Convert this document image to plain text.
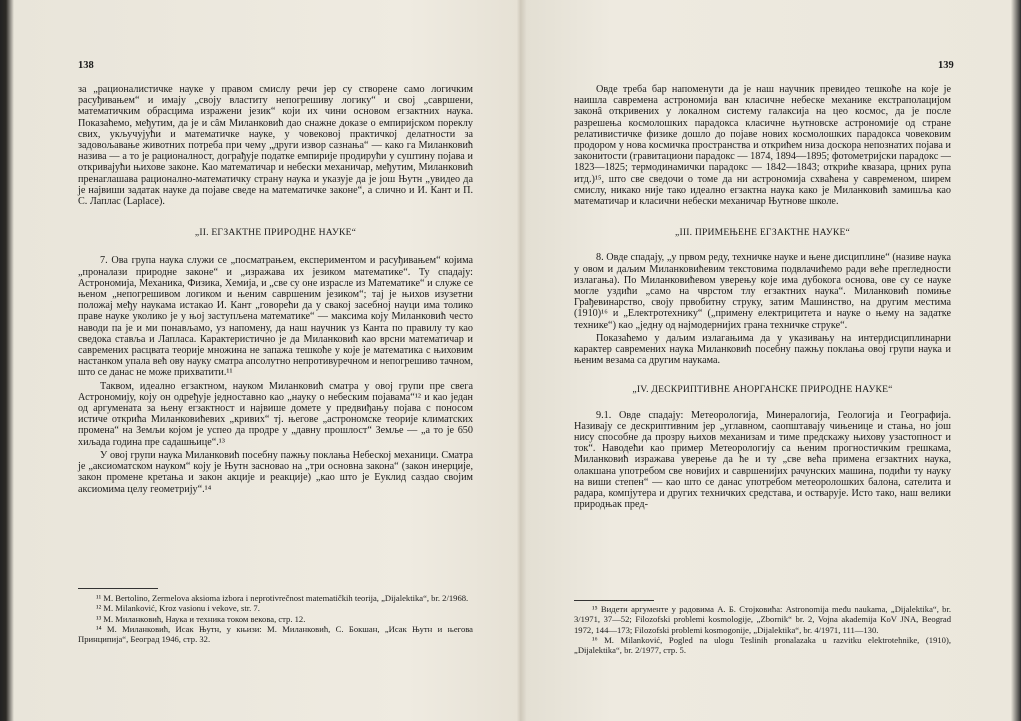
138

за „рационалистичке науке у правом смислу речи јер су створене само логичким расуђивањем“ и имају „своју властиту непогрешиву логику“ и свој „савршени, математичким обрасцима изражени језик“ који их чини основом егзактних наука. Показаћемо, међутим, да је и сâм Миланковић дао снажне доказе о емпиријском пореклу свих, укључујући и математичке науке, у човековој практичкој делатности за задовољавање животних потреба при чему „други извор сазнања“ — како га Миланковић назива — а то је рационалност, дограђује податке емпирије продирући у суштину појава и откривајући њихове законе. Као математичар и небески механичар, међутим, Миланковић пренаглашава рационално-математичку страну наука и указује да је још Њутн „увидео да је највиши задатак науке да појаве сведе на математичке законе“, а слично и И. Кант и П. С. Лаплас (Laplace).

„II. ЕГЗАКТНЕ ПРИРОДНЕ НАУКЕ“

7. Ова група наука служи се „посматрањем, експериментом и расуђивањем“ којима „проналази природне законе“ и „изражава их језиком математике“. Ту спадају: Астрономија, Механика, Физика, Хемија, и „све су оне израсле из Математике“ и служе се њеном „непогрешивом логиком и њеним савршеним језиком“; тај је њихов изузетни положај међу наукама истакао И. Кант „говорећи да у свакој засебној науци има толико праве науке уколико је у њој заступљена математике“ — максима коју Миланковић често наводи па је и ми понављамо, уз напомену, да наш научник уз Канта по правилу ту као сведока ставља и Лапласа. Карактеристично је да Миланковић као врсни математичар и савремених расцвата теорије множина не запажа тешкоће у које је математика с њиховим настанком упала већ ову науку сматра апсолутно непротивуречном и непогрешиво тачном, што се данас не може прихватити.¹¹

Таквом, идеално егзактном, науком Миланковић сматра у овој групи пре свега Астрономију, коју он одређује једноставно као „науку о небеским појавама“¹² и као један од аргумената за њену егзактност и највише домете у предвиђању појава с поносом истиче открића Миланковићевих „кривих“ тј. његове „астрономске теорије климатских промена“ на Земљи којом је успео да продре у „давну прошлост“ Земље — „а то је 650 хиљада година пре садашњице“.¹³

У овој групи наука Миланковић посебну пажњу поклања Небеској механици. Сматра је „аксиоматском науком“ коју је Њутн засновао на „три основна закона“ (закон инерције, закон промене кретања и закон акције и реакције) „као што је Еуклид саздао својим аксиомима целу геометрију“.¹⁴

¹¹ M. Bertolino, Zermelova aksioma izbora i neprotivrečnost matematičkih teorija, „Dijalektika“, br. 2/1968.

¹² M. Milanković, Kroz vasionu i vekove, str. 7.

¹³ М. Миланковић, Наука и техника током векова, стр. 12.

¹⁴ М. Миланковић, Исак Њутн, у књизи: М. Миланковић, С. Бокшан, „Исак Њутн и његова Принципија“, Београд 1946, стр. 32.

139

Овде треба бар напоменути да је наш научник превидео тешкоће на које је наишла савремена астрономија ван класичне небеске механике екстраполацијом законâ откривених у локалном систему галаксија на цео космос, да је после разрешења космолошких парадокса класичне њутновске астрономије од стране релативистичке физике дошло до појаве нових космолошких парадокса човековим продором у нова космичка пространства и открићем низа доскора непознатих појава и законитости (гравитациони парадокс — 1874, 1894—1895; фотометријски парадокс — 1823—1825; термодинамички парадокс — 1842—1843; откриће квазара, црних рупа итд.)¹⁵, што све сведочи о томе да ни астрономија схваћена у савременом, ширем смислу, никако није тако идеално егзактна наука како је Миланковић замишља као математичар и класични небески механичар Њутнове школе.

„III. ПРИМЕЊЕНЕ ЕГЗАКТНЕ НАУКЕ“

8. Овде спадају, „у првом реду, техничке науке и њене дисциплине“ (називе наука у овом и даљим Миланковићевим текстовима подвлачићемо ради веће прегледности излагања). По Миланковићевом уверењу које има дубокога основа, ове су се науке могле уздићи „само на чврстом тлу егзактних наука“. Миланковић помиње Грађевинарство, своју првобитну струку, затим Машинство, на другим местима (1910)¹⁶ и „Електротехнику“ („примену електрицитета и науке о њему на задатке технике“) као „једну од најмодернијих грана техничке струке“.

Показаћемо у даљим излагањима да у указивању на интердисциплинарни карактер савремених наука Миланковић посебну пажњу поклања овој групи наука и њеним везама са другим наукама.

„IV. ДЕСКРИПТИВНЕ АНОРГАНСКЕ ПРИРОДНЕ НАУКЕ“

9.1. Овде спадају: Метеорологија, Минералогија, Геологија и Географија. Називају се дескриптивним јер „углавном, саопштавају чињенице и стања, но још нису способне да прозру њихов механизам и тиме предскажу њихову узастопност и ток“. Наводећи као пример Метеорологију са њеним прогностичким грешкама, Миланковић изражава уверење да ће и ту „све већа примена егзактних наука, олакшана употребом све новијих и савршенијих рачунских машина, подићи ту науку на виши степен“ — као што се данас употребом метеоролошких балона, сателита и радара, компјутера и других техничких средстава, и остварује. Исто тако, наш велики природњак пред-

¹⁵ Видети аргументе у радовима А. Б. Стојковића: Astronomija među naukama, „Dijalektika“, br. 3/1971, 37—52; Filozofski problemi kosmologije, „Zbornik“ br. 2, Vojna akademija KoV JNA, Beograd 1972, 144—173; Filozofski problemi kosmogonije, „Dijalektika“, br. 4/1971, 111—130.

¹⁶ M. Milanković, Pogled na ulogu Teslinih pronalazaka u razvitku elektrotehnike, (1910), „Dijalektika“, br. 2/1977, стр. 5.
